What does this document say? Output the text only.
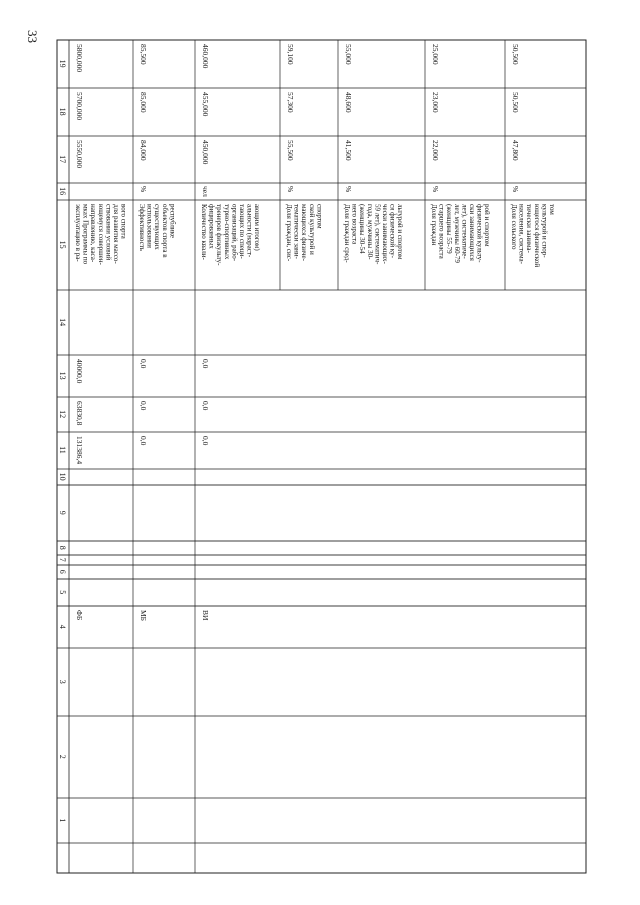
33
19
18
17
16
15
14
13
12
11
10
9
8
7
6
5
4
3
2
1
5800,000
5700,000
5550,000
эксплуатацию в ра- мках Программы по направлению, каса- ющемуся совершен- ствования условий для развития массо- вого спорта
40000,0
63830,8
131386,4
ФБ
85,500
85,000
84,000
%
Эффективность использования существующих объектов спорта в республике
0,0
0,0
0,0
МБ
460,000
455,000
450,000
чел
Количество квали- фицированных тренеров физкульту- турно-спортивных организаций, рабо- тающих по специ- альности (нараст- ающим итогом)
0,0
0,0
0,0
ВИ
59,100
57,300
55,500
%
Доля граждан, сис- тематически зани- мающихся физиче- ской культурой и спортом
55,000
48,600
41,500
%
Доля граждан сред- него возраста (женщины 30-54 года, мужчины 30- 59 лет), систематич- чески занимающих- ся физической ку- льтурой и спортом
25,000
23,000
22,000
%
Доля граждан старшего возраста (женщины 55-79 лет, мужчины 60-79 лет), систематиче- ски занимающихся физической культу- рой и спортом
50,500
50,500
47,800
%
Доля сельского населения, система- тически занима- ющегося физической культурой и спор- том
